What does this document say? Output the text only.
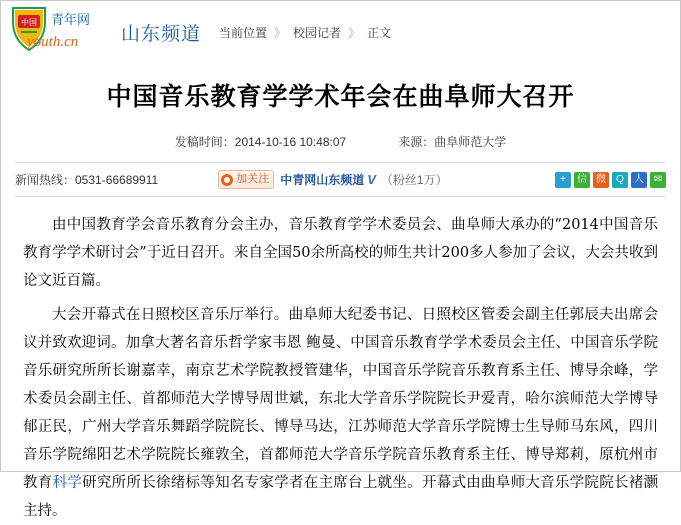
中国 青年网
youth.cn 山东频道 当前位置 》 校园记者 》 正文
中国音乐教育学学术年会在曲阜师大召开
发稿时间：2014-10-16 10:48:07	来源：曲阜师范大学
新闻热线：0531-66689911	加关注 中青网山东频道 V （粉丝1万）	+	信 微	Q	人 ✉

由中国教育学会音乐教育分会主办，音乐教育学学术委员会、曲阜师大承办的“2014中国音乐教育学学术研讨会”于近日召开。来自全国50余所高校的师生共计200多人参加了会议，大会共收到论文近百篇。

大会开幕式在日照校区音乐厅举行。曲阜师大纪委书记、日照校区管委会副主任郭辰夫出席会议并致欢迎词。加拿大著名音乐哲学家韦恩 鲍曼、中国音乐教育学学术委员会主任、中国音乐学院音乐研究所所长谢嘉幸，南京艺术学院教授管建华，中国音乐学院音乐教育系主任、博导余峰，学术委员会副主任、首都师范大学博导周世斌，东北大学音乐学院院长尹爱青，哈尔滨师范大学博导郁正民，广州大学音乐舞蹈学院院长、博导马达，江苏师范大学音乐学院博士生导师马东风，四川音乐学院绵阳艺术学院院长雍敦全，首都师范大学音乐学院音乐教育系主任、博导郑莉，原杭州市教育科学研究所所长徐绪标等知名专家学者在主席台上就坐。开幕式由曲阜师大音乐学院院长褚灏主持。
